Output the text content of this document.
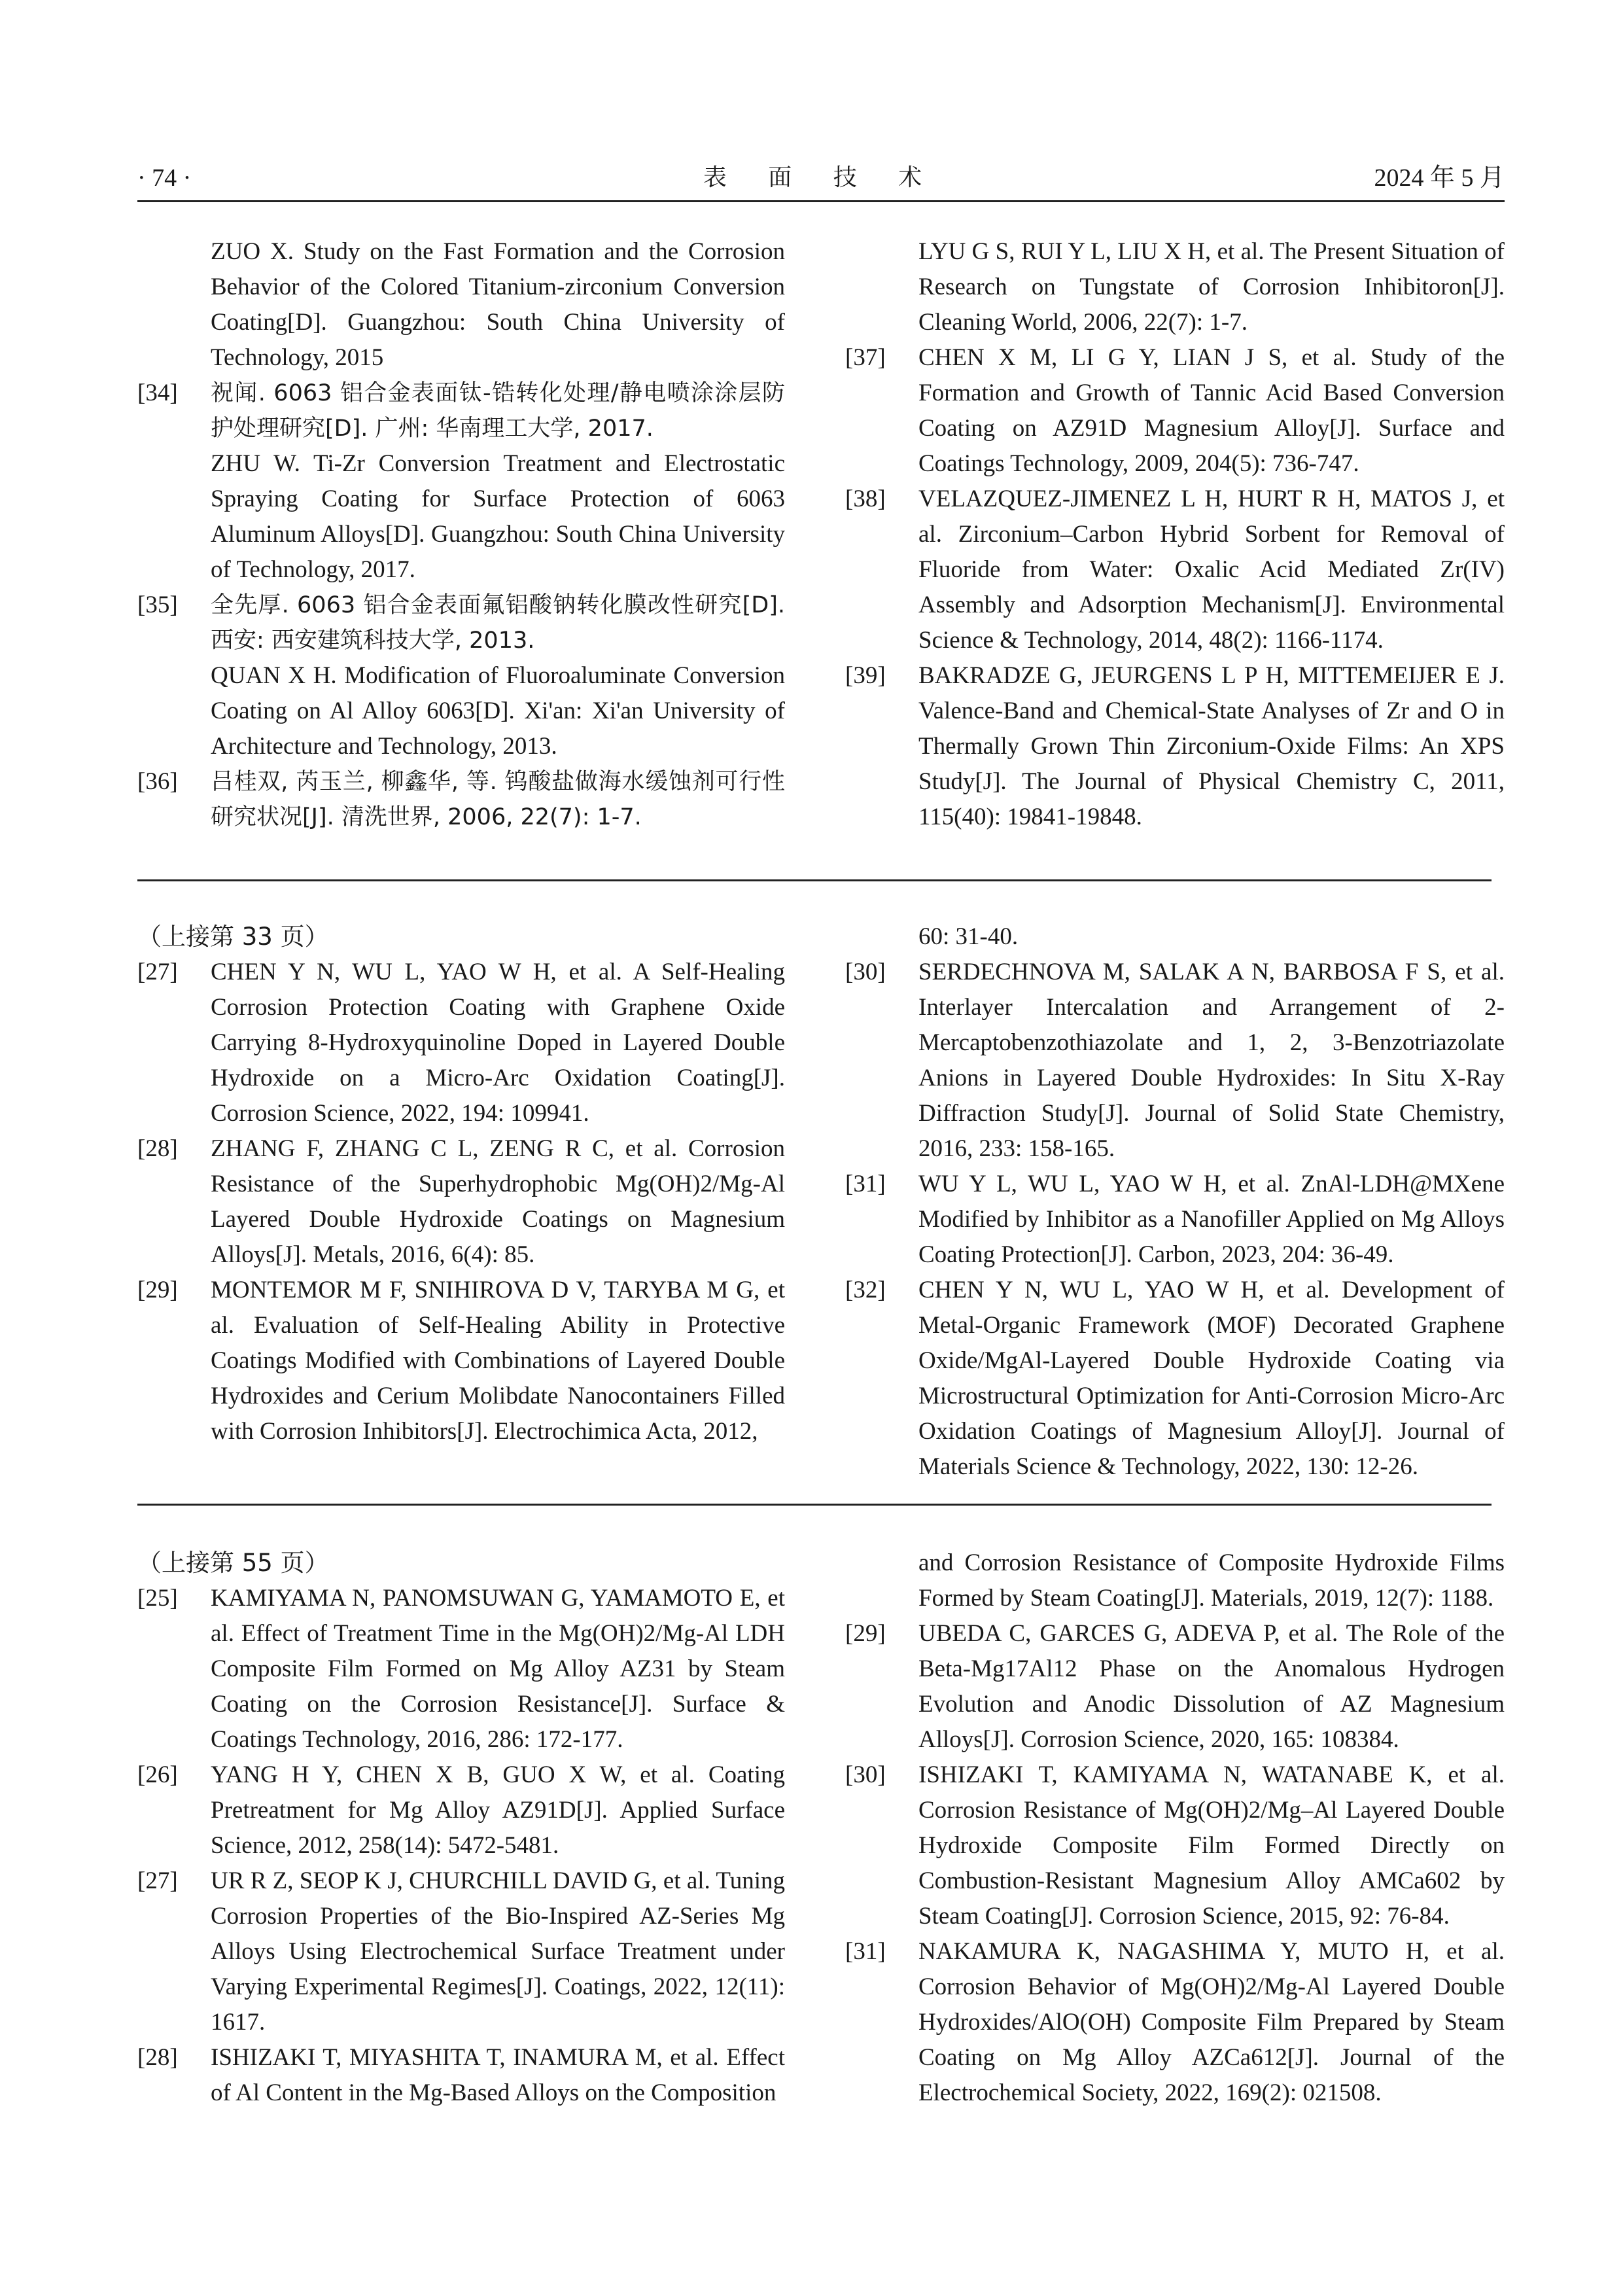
· 74 ·	表 面 技 术	2024 年 5 月

ZUO X. Study on the Fast Formation and the Corrosion Behavior of the Colored Titanium-zirconium Conversion Coating[D]. Guangzhou: South China University of Technology, 2015

[34] 祝闻. 6063 铝合金表面钛-锆转化处理/静电喷涂涂层防护处理研究[D]. 广州: 华南理工大学, 2017.

ZHU W. Ti-Zr Conversion Treatment and Electrostatic Spraying Coating for Surface Protection of 6063 Aluminum Alloys[D]. Guangzhou: South China University of Technology, 2017.

[35] 全先厚. 6063 铝合金表面氟铝酸钠转化膜改性研究[D]. 西安: 西安建筑科技大学, 2013.

QUAN X H. Modification of Fluoroaluminate Conversion Coating on Al Alloy 6063[D]. Xi'an: Xi'an University of Architecture and Technology, 2013.

[36] 吕桂双, 芮玉兰, 柳鑫华, 等. 钨酸盐做海水缓蚀剂可行性研究状况[J]. 清洗世界, 2006, 22(7): 1-7.

LYU G S, RUI Y L, LIU X H, et al. The Present Situation of Research on Tungstate of Corrosion Inhibitoron[J]. Cleaning World, 2006, 22(7): 1-7.

[37] CHEN X M, LI G Y, LIAN J S, et al. Study of the Formation and Growth of Tannic Acid Based Conversion Coating on AZ91D Magnesium Alloy[J]. Surface and Coatings Technology, 2009, 204(5): 736-747.

[38] VELAZQUEZ-JIMENEZ L H, HURT R H, MATOS J, et al. Zirconium–Carbon Hybrid Sorbent for Removal of Fluoride from Water: Oxalic Acid Mediated Zr(IV) Assembly and Adsorption Mechanism[J]. Environmental Science & Technology, 2014, 48(2): 1166-1174.

[39] BAKRADZE G, JEURGENS L P H, MITTEMEIJER E J. Valence-Band and Chemical-State Analyses of Zr and O in Thermally Grown Thin Zirconium-Oxide Films: An XPS Study[J]. The Journal of Physical Chemistry C, 2011, 115(40): 19841-19848.

（上接第 33 页）

[27] CHEN Y N, WU L, YAO W H, et al. A Self-Healing Corrosion Protection Coating with Graphene Oxide Carrying 8-Hydroxyquinoline Doped in Layered Double Hydroxide on a Micro-Arc Oxidation Coating[J]. Corrosion Science, 2022, 194: 109941.

[28] ZHANG F, ZHANG C L, ZENG R C, et al. Corrosion Resistance of the Superhydrophobic Mg(OH)2/Mg-Al Layered Double Hydroxide Coatings on Magnesium Alloys[J]. Metals, 2016, 6(4): 85.

[29] MONTEMOR M F, SNIHIROVA D V, TARYBA M G, et al. Evaluation of Self-Healing Ability in Protective Coatings Modified with Combinations of Layered Double Hydroxides and Cerium Molibdate Nanocontainers Filled with Corrosion Inhibitors[J]. Electrochimica Acta, 2012,

60: 31-40.

[30] SERDECHNOVA M, SALAK A N, BARBOSA F S, et al. Interlayer Intercalation and Arrangement of 2-Mercaptobenzothiazolate and 1, 2, 3-Benzotriazolate Anions in Layered Double Hydroxides: In Situ X-Ray Diffraction Study[J]. Journal of Solid State Chemistry, 2016, 233: 158-165.

[31] WU Y L, WU L, YAO W H, et al. ZnAl-LDH@MXene Modified by Inhibitor as a Nanofiller Applied on Mg Alloys Coating Protection[J]. Carbon, 2023, 204: 36-49.

[32] CHEN Y N, WU L, YAO W H, et al. Development of Metal-Organic Framework (MOF) Decorated Graphene Oxide/MgAl-Layered Double Hydroxide Coating via Microstructural Optimization for Anti-Corrosion Micro-Arc Oxidation Coatings of Magnesium Alloy[J]. Journal of Materials Science & Technology, 2022, 130: 12-26.

（上接第 55 页）

[25] KAMIYAMA N, PANOMSUWAN G, YAMAMOTO E, et al. Effect of Treatment Time in the Mg(OH)2/Mg-Al LDH Composite Film Formed on Mg Alloy AZ31 by Steam Coating on the Corrosion Resistance[J]. Surface & Coatings Technology, 2016, 286: 172-177.

[26] YANG H Y, CHEN X B, GUO X W, et al. Coating Pretreatment for Mg Alloy AZ91D[J]. Applied Surface Science, 2012, 258(14): 5472-5481.

[27] UR R Z, SEOP K J, CHURCHILL DAVID G, et al. Tuning Corrosion Properties of the Bio-Inspired AZ-Series Mg Alloys Using Electrochemical Surface Treatment under Varying Experimental Regimes[J]. Coatings, 2022, 12(11): 1617.

[28] ISHIZAKI T, MIYASHITA T, INAMURA M, et al. Effect of Al Content in the Mg-Based Alloys on the Composition

and Corrosion Resistance of Composite Hydroxide Films Formed by Steam Coating[J]. Materials, 2019, 12(7): 1188.

[29] UBEDA C, GARCES G, ADEVA P, et al. The Role of the Beta-Mg17Al12 Phase on the Anomalous Hydrogen Evolution and Anodic Dissolution of AZ Magnesium Alloys[J]. Corrosion Science, 2020, 165: 108384.

[30] ISHIZAKI T, KAMIYAMA N, WATANABE K, et al. Corrosion Resistance of Mg(OH)2/Mg–Al Layered Double Hydroxide Composite Film Formed Directly on Combustion-Resistant Magnesium Alloy AMCa602 by Steam Coating[J]. Corrosion Science, 2015, 92: 76-84.

[31] NAKAMURA K, NAGASHIMA Y, MUTO H, et al. Corrosion Behavior of Mg(OH)2/Mg-Al Layered Double Hydroxides/AlO(OH) Composite Film Prepared by Steam Coating on Mg Alloy AZCa612[J]. Journal of the Electrochemical Society, 2022, 169(2): 021508.
